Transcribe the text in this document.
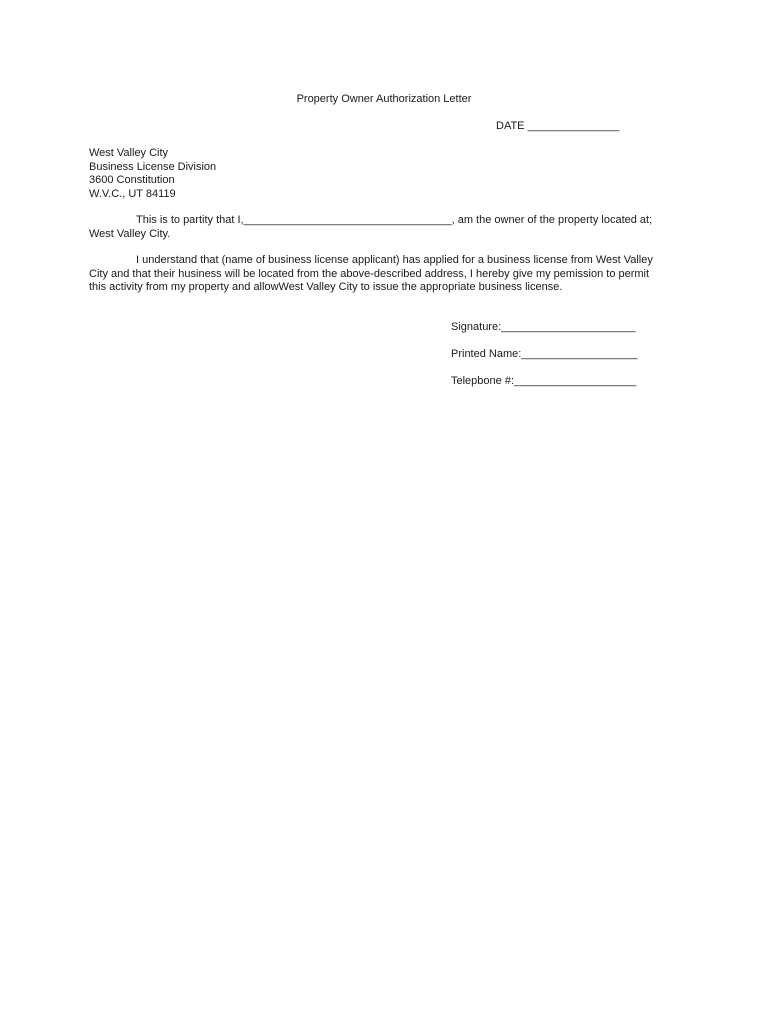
Property Owner Authorization Letter
DATE _______________
West Valley City
Business License Division
3600 Constitution
W.V.C., UT 84119
This is to partity that I,__________________________________, am the owner of the property located at;
West Valley City.
I understand that (name of business license applicant) has applied for a business license from West Valley
City and that their husiness will be located from the above-described address, I hereby give my pemission to permit
this activity from my property and allowWest Valley City to issue the appropriate business license.
Signature:______________________
Printed Name:___________________
Telepbone #:____________________
